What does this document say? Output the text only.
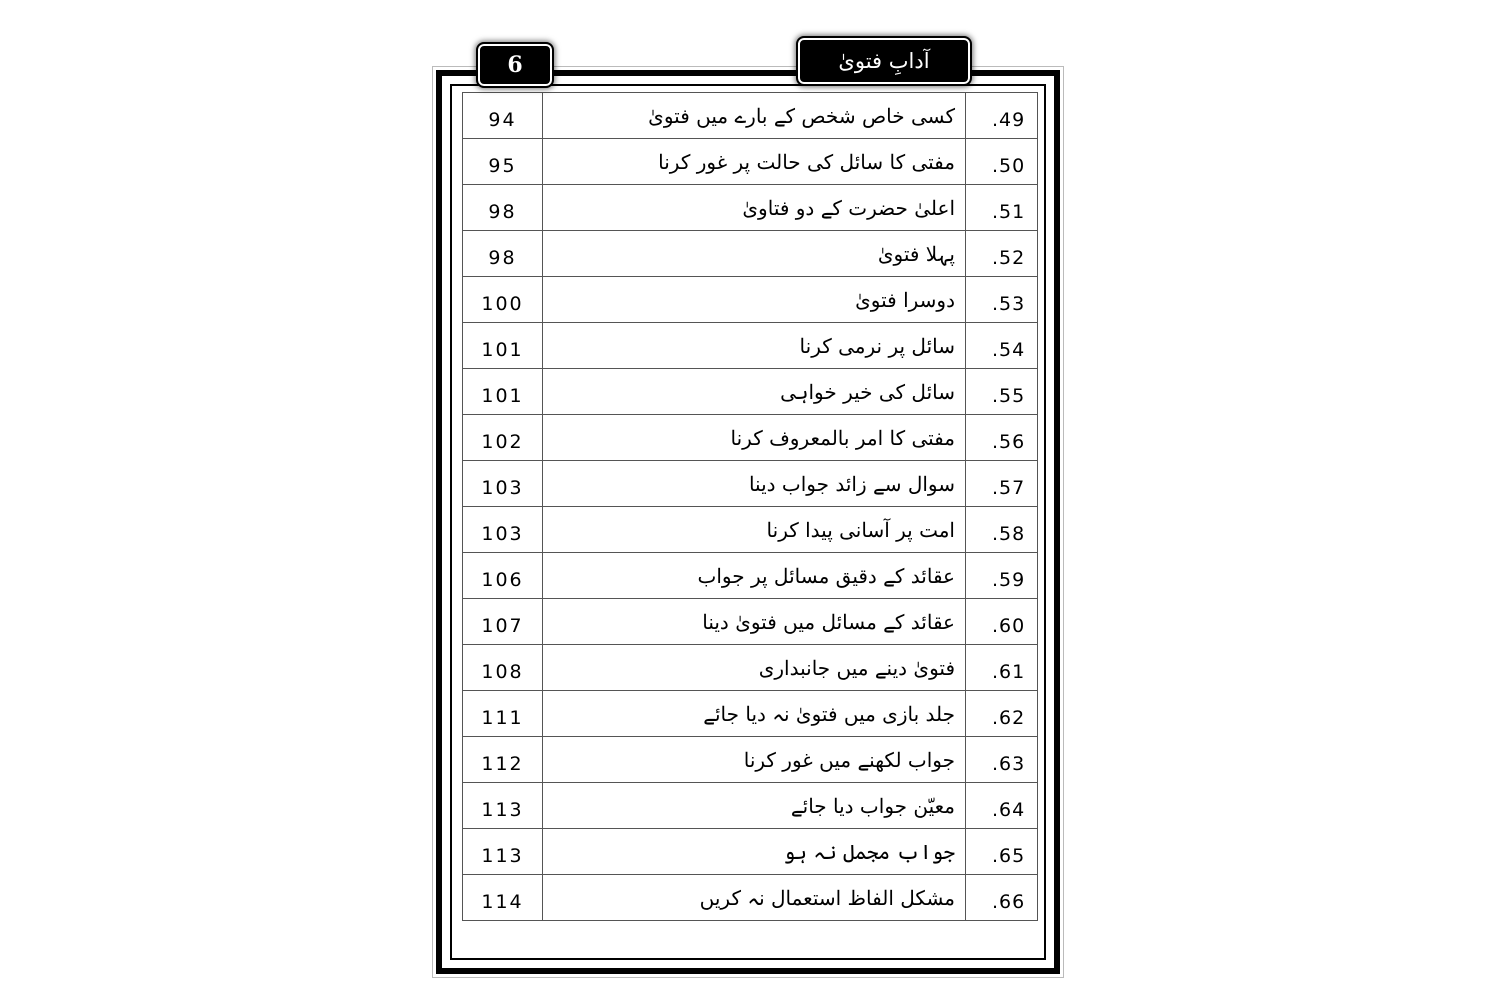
6	آدابِ فتویٰ
94	کسی خاص شخص کے بارے میں فتویٰ	.49
95	مفتی کا سائل کی حالت پر غور کرنا	.50
98	اعلیٰ حضرت کے دو فتاویٰ	.51
98	پہلا فتویٰ	.52
100	دوسرا فتویٰ	.53
101	سائل پر نرمی کرنا	.54
101	سائل کی خیر خواہی	.55
102	مفتی کا امر بالمعروف کرنا	.56
103	سوال سے زائد جواب دینا	.57
103	امت پر آسانی پیدا کرنا	.58
106	عقائد کے دقیق مسائل پر جواب	.59
107	عقائد کے مسائل میں فتویٰ دینا	.60
108	فتویٰ دینے میں جانبداری	.61
111	جلد بازی میں فتویٰ نہ دیا جائے	.62
112	جواب لکھنے میں غور کرنا	.63
113	معیّن جواب دیا جائے	.64
113	جواب مجمل نہ ہو	.65
114	مشکل الفاظ استعمال نہ کریں	.66
